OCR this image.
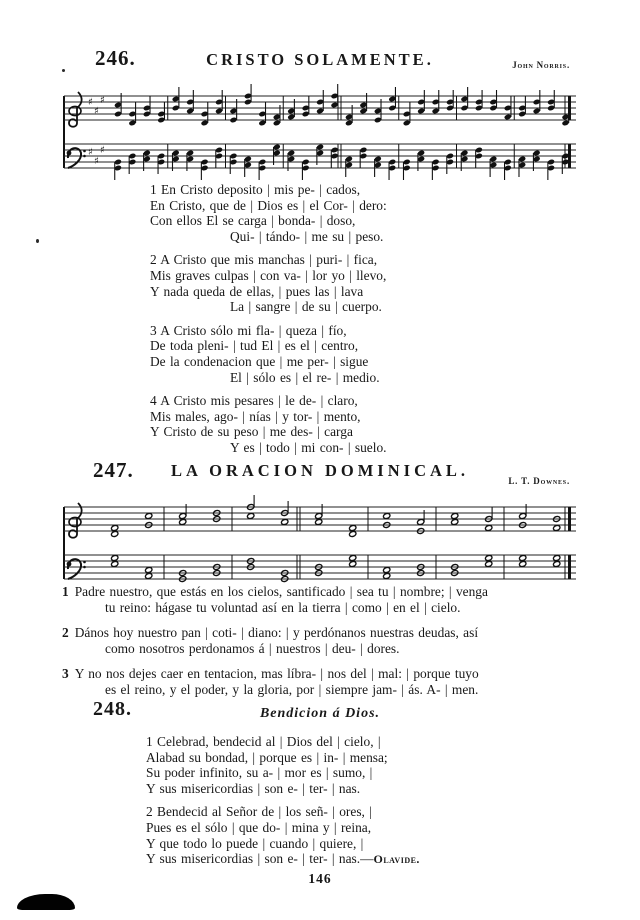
246.	CRISTO SOLAMENTE.	John Norris.
♯
♯
♯
♯
♯
♯
1 En Cristo deposito | mis pe- | cados,
En Cristo, que de | Dios es | el Cor- | dero:
Con ellos El se carga | bonda- | doso,
Qui- | tándo- | me su | peso.
2 A Cristo que mis manchas | puri- | fica,
Mis graves culpas | con va- | lor yo | llevo,
Y nada queda de ellas, | pues las | lava
La | sangre | de su | cuerpo.
3 A Cristo sólo mi fla- | queza | fío,
De toda pleni- | tud El | es el | centro,
De la condenacion que | me per- | sigue
El | sólo es | el re- | medio.
4 A Cristo mis pesares | le de- | claro,
Mis males, ago- | nías | y tor- | mento,
Y Cristo de su peso | me des- | carga
Y es | todo | mi con- | suelo.
247.	LA ORACION DOMINICAL.
L. T. Downes.
1 Padre nuestro, que estás en los cielos, santificado | sea tu | nombre; | venga
tu reino: hágase tu voluntad así en la tierra | como | en el | cielo.
2 Dános hoy nuestro pan | coti- | diano: | y perdónanos nuestras deudas, así
como nosotros perdonamos á | nuestros | deu- | dores.
3 Y no nos dejes caer en tentacion, mas líbra- | nos del | mal: | porque tuyo
es el reino, y el poder, y la gloria, por | siempre jam- | ás. A- | men.
248.	Bendicion á Dios.
1 Celebrad, bendecid al | Dios del | cielo, |
Alabad su bondad, | porque es | in- | mensa;
Su poder infinito, su a- | mor es | sumo, |
Y sus misericordias | son e- | ter- | nas.
2 Bendecid al Señor de | los señ- | ores, |
Pues es el sólo | que do- | mina y | reina,
Y que todo lo puede | cuando | quiere, |
Y sus misericordias | son e- | ter- | nas.—Olavide.
146
